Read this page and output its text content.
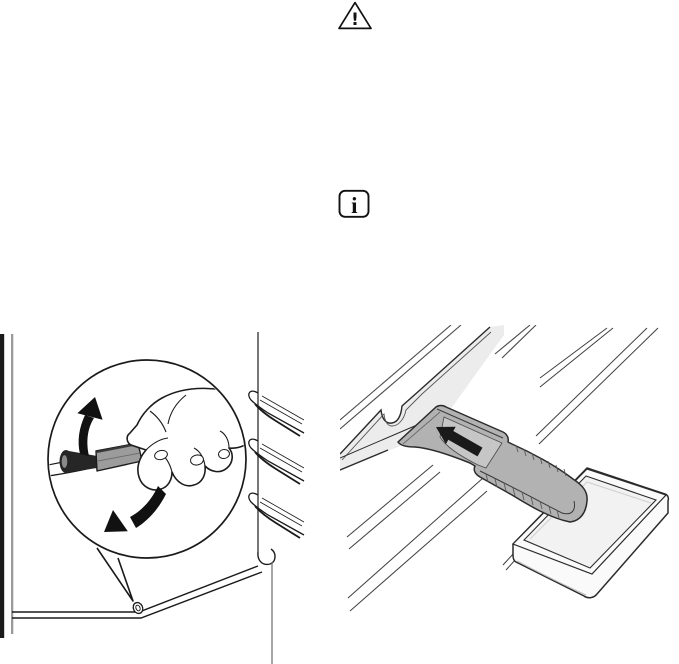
!
i
